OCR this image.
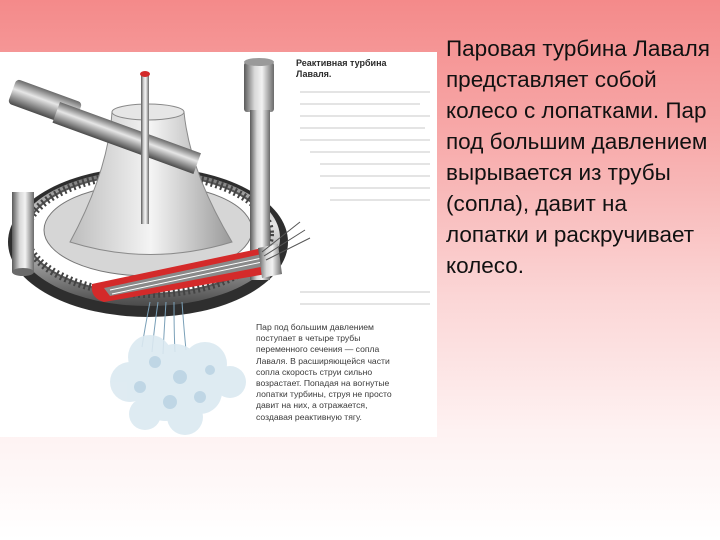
Реактивная турбина Лаваля.
Пар под большим давлением поступает в четыре трубы переменного сечения — сопла Лаваля. В расширяющейся части сопла скорость струи сильно возрастает. Попадая на вогнутые лопатки турбины, струя не просто давит на них, а отражается, создавая реактивную тягу.
Паровая турбина Лаваля представляет собой колесо с лопатками. Пар под большим давлением вырывается из трубы (сопла), давит на лопатки и раскручивает колесо.
